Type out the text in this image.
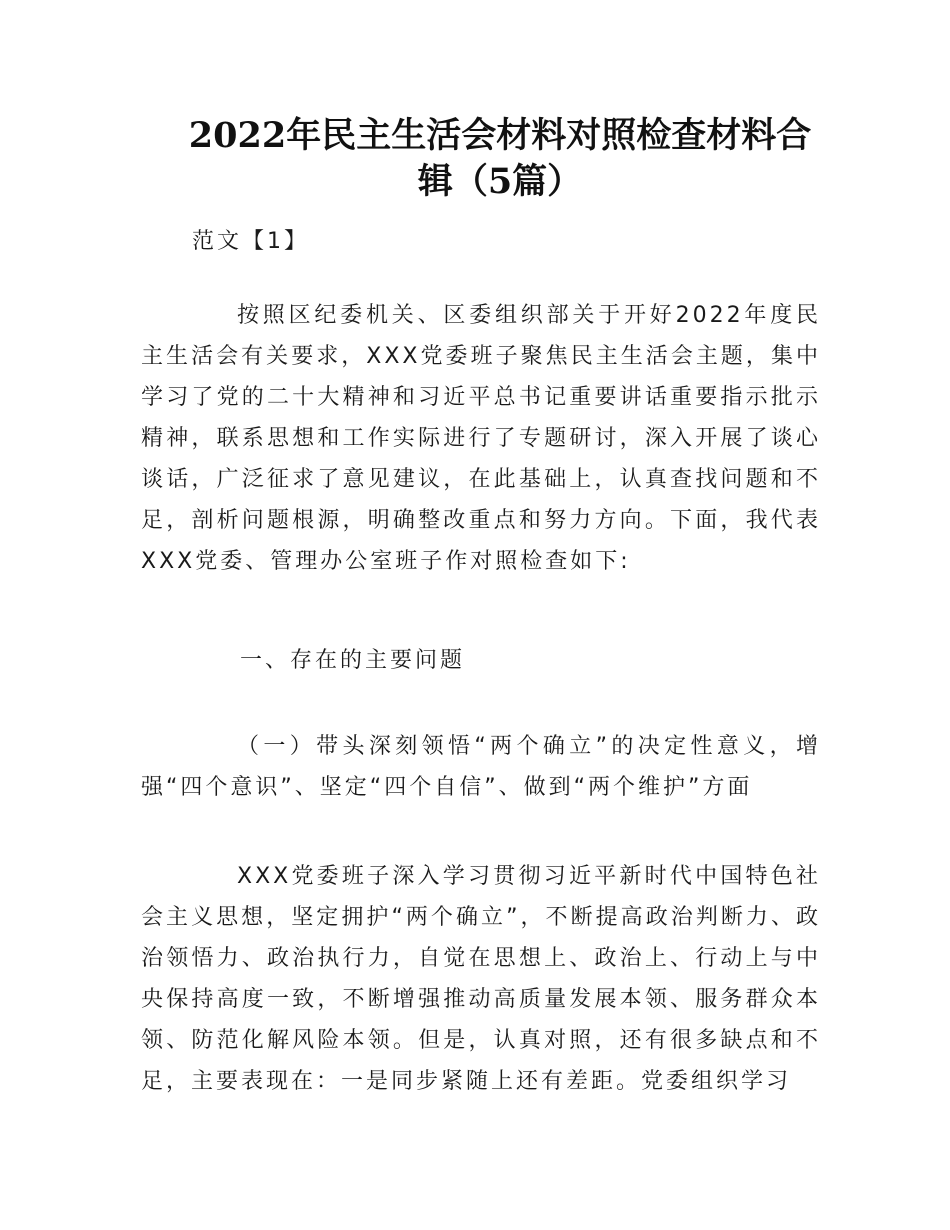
2022年民主生活会材料对照检查材料合
辑（5篇）
范文【1】

按照区纪委机关、区委组织部关于开好2022年度民主生活会有关要求，XXX党委班子聚焦民主生活会主题，集中学习了党的二十大精神和习近平总书记重要讲话重要指示批示精神，联系思想和工作实际进行了专题研讨，深入开展了谈心谈话，广泛征求了意见建议，在此基础上，认真查找问题和不足，剖析问题根源，明确整改重点和努力方向。下面，我代表XXX党委、管理办公室班子作对照检查如下:

一、存在的主要问题

（一）带头深刻领悟“两个确立”的决定性意义，增强“四个意识”、坚定“四个自信”、做到“两个维护”方面

XXX党委班子深入学习贯彻习近平新时代中国特色社会主义思想，坚定拥护“两个确立”，不断提高政治判断力、政治领悟力、政治执行力，自觉在思想上、政治上、行动上与中央保持高度一致，不断增强推动高质量发展本领、服务群众本领、防范化解风险本领。但是，认真对照，还有很多缺点和不足，主要表现在：一是同步紧随上还有差距。党委组织学习
